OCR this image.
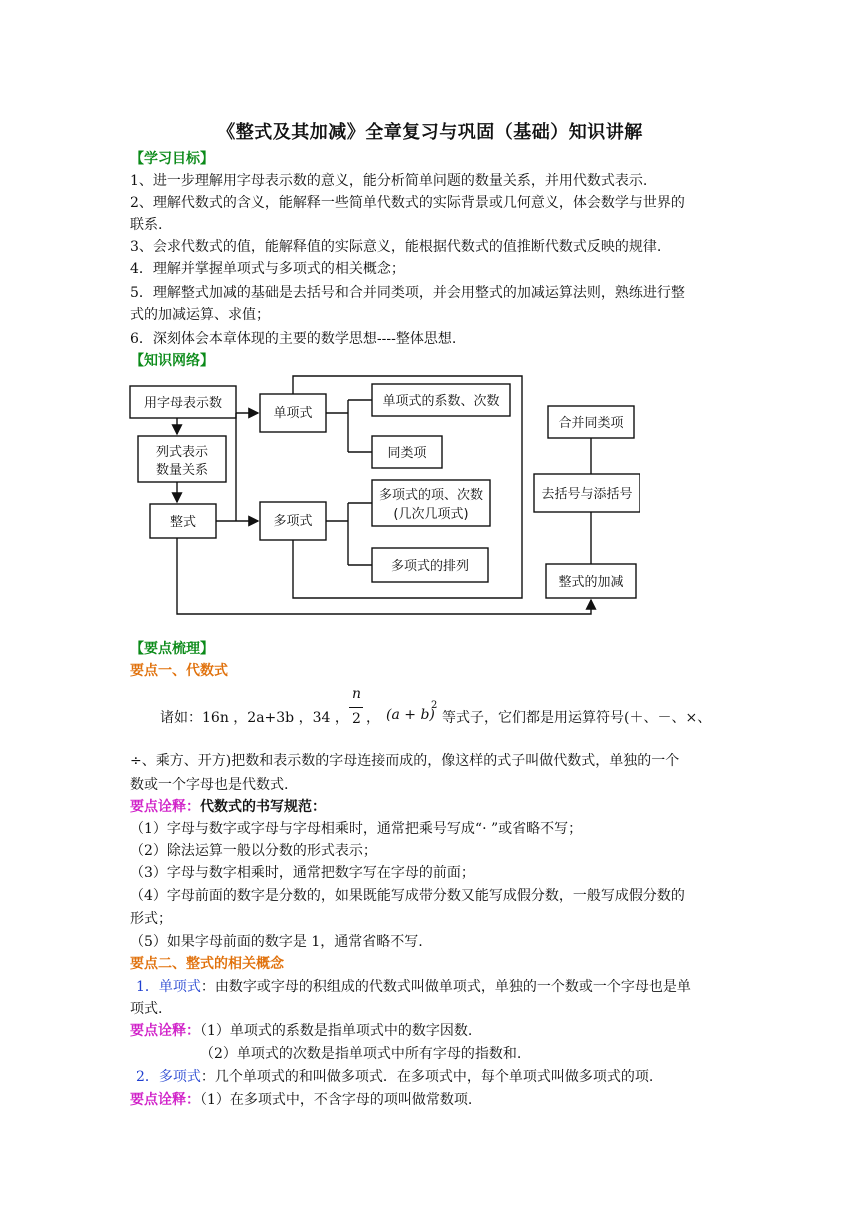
《整式及其加减》全章复习与巩固（基础）知识讲解
【学习目标】
1、进一步理解用字母表示数的意义，能分析简单问题的数量关系，并用代数式表示.
2、理解代数式的含义，能解释一些简单代数式的实际背景或几何意义，体会数学与世界的
联系.
3、会求代数式的值，能解释值的实际意义，能根据代数式的值推断代数式反映的规律.
4．理解并掌握单项式与多项式的相关概念；
5．理解整式加减的基础是去括号和合并同类项，并会用整式的加减运算法则，熟练进行整
式的加减运算、求值；
6．深刻体会本章体现的主要的数学思想----整体思想.
【知识网络】
用字母表示数
列式表示
数量关系
整式
单项式
多项式
单项式的系数、次数
同类项
多项式的项、次数
(几次几项式)
多项式的排列
合并同类项
去括号与添括号
整式的加减
【要点梳理】
要点一、代数式
诸如：16n ，2a+3b ，34 ，
n
2 ， (a + b)
2
等式子，它们都是用运算符号(＋、－、×、
÷、乘方、开方)把数和表示数的字母连接而成的，像这样的式子叫做代数式，单独的一个
数或一个字母也是代数式.
要点诠释：代数式的书写规范：
（1）字母与数字或字母与字母相乘时，通常把乘号写成“· ”或省略不写；
（2）除法运算一般以分数的形式表示；
（3）字母与数字相乘时，通常把数字写在字母的前面；
（4）字母前面的数字是分数的，如果既能写成带分数又能写成假分数，一般写成假分数的
形式；
（5）如果字母前面的数字是 1，通常省略不写.
要点二、整式的相关概念
1．单项式：由数字或字母的积组成的代数式叫做单项式，单独的一个数或一个字母也是单
项式.
要点诠释：（1）单项式的系数是指单项式中的数字因数.
（2）单项式的次数是指单项式中所有字母的指数和.
2．多项式：几个单项式的和叫做多项式．在多项式中，每个单项式叫做多项式的项.
要点诠释：（1）在多项式中，不含字母的项叫做常数项.
